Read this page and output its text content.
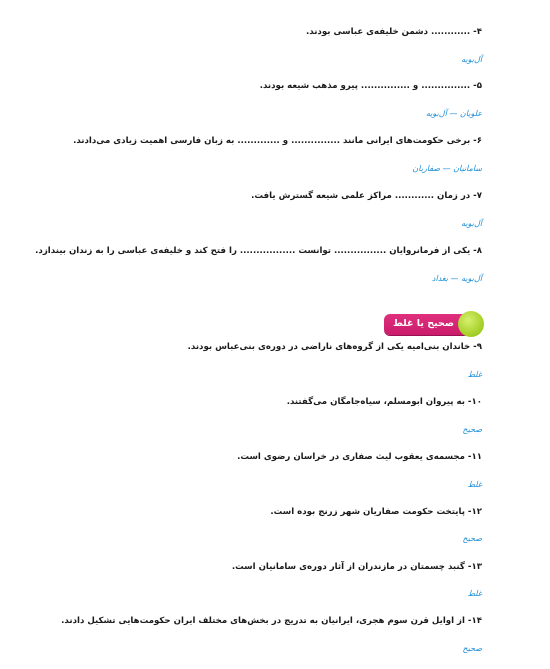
۴- ............ دشمن خلیفه‌ی عباسی بودند.
آل‌بویه
۵- ............... و ............... پیرو مذهب شیعه بودند.
علویان — آل‌بویه
۶- برخی حکومت‌های ایرانی مانند ............... و ............. به زبان فارسی اهمیت زیادی می‌دادند.
سامانیان — صفاریان
۷- در زمان ............ مراکز علمی شیعه گسترش یافت.
آل‌بویه
۸- یکی از فرمانروایان ................ توانست ................. را فتح کند و خلیفه‌ی عباسی را به زندان بیندازد.
آل‌بویه — بغداد
صحیح یا غلط
۹- خاندان بنی‌امیه یکی از گروه‌های ناراضی در دوره‌ی بنی‌عباس بودند.
غلط
۱۰- به پیروان ابومسلم، سیاه‌جامگان می‌گفتند.
صحیح
۱۱- مجسمه‌ی یعقوب لیث صفاری در خراسان رضوی است.
غلط
۱۲- پایتخت حکومت صفاریان شهر زرنج بوده است.
صحیح
۱۳- گنبد چسمتان در مازندران از آثار دوره‌ی سامانیان است.
غلط
۱۴- از اوایل قرن سوم هجری، ایرانیان به تدریج در بخش‌های مختلف ایران حکومت‌هایی تشکیل دادند.
صحیح
